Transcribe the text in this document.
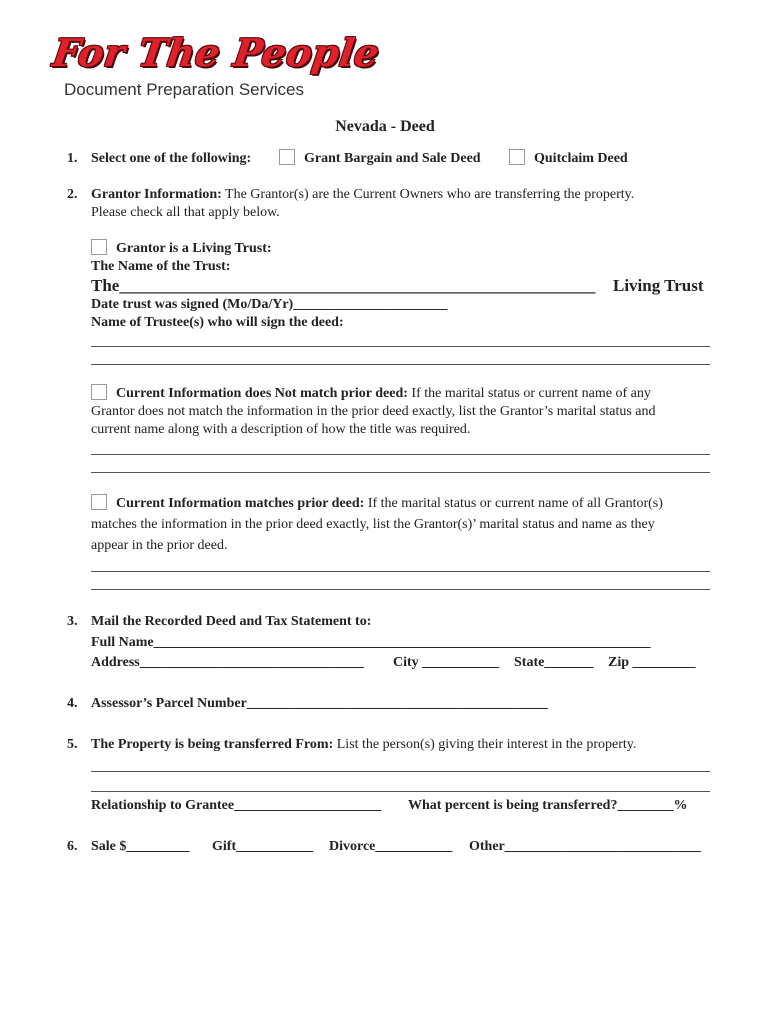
For The People
Document Preparation Services
Nevada - Deed
1. Select one of the following:	Grant Bargain and Sale Deed	Quitclaim Deed
2. Grantor Information: The Grantor(s) are the Current Owners who are transferring the property.
Please check all that apply below.
Grantor is a Living Trust:
The Name of the Trust:
The________________________________________________________ Living Trust
Date trust was signed (Mo/Da/Yr)______________________
Name of Trustee(s) who will sign the deed:
Current Information does Not match prior deed: If the marital status or current name of any
Grantor does not match the information in the prior deed exactly, list the Grantor’s marital status and
current name along with a description of how the title was required.
Current Information matches prior deed: If the marital status or current name of all Grantor(s)
matches the information in the prior deed exactly, list the Grantor(s)’ marital status and name as they
appear in the prior deed.
3. Mail the Recorded Deed and Tax Statement to:
Full Name_______________________________________________________________________
Address________________________________ City ___________ State_______ Zip _________
4. Assessor’s Parcel Number___________________________________________
5. The Property is being transferred From: List the person(s) giving their interest in the property.
Relationship to Grantee_____________________ What percent is being transferred?________%
6. Sale $_________ Gift___________ Divorce___________ Other____________________________
